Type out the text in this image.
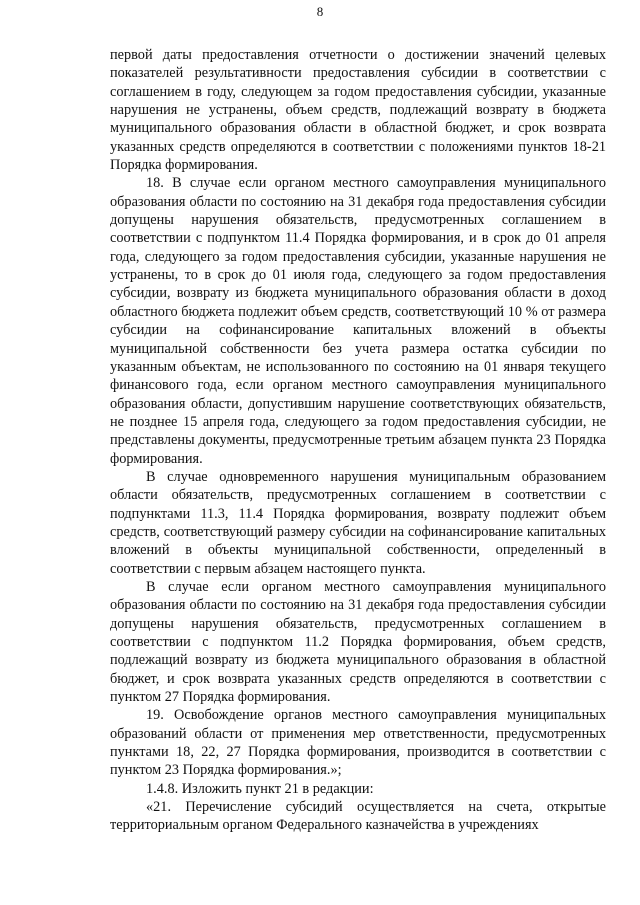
8

первой даты предоставления отчетности о достижении значений целевых показателей результативности предоставления субсидии в соответствии с соглашением в году, следующем за годом предоставления субсидии, указанные нарушения не устранены, объем средств, подлежащий возврату в бюджета муниципального образования области в областной бюджет, и срок возврата указанных средств определяются в соответствии с положениями пунктов 18-21 Порядка формирования.

18. В случае если органом местного самоуправления муниципального образования области по состоянию на 31 декабря года предоставления субсидии допущены нарушения обязательств, предусмотренных соглашением в соответствии с подпунктом 11.4 Порядка формирования, и в срок до 01 апреля года, следующего за годом предоставления субсидии, указанные нарушения не устранены, то в срок до 01 июля года, следующего за годом предоставления субсидии, возврату из бюджета муниципального образования области в доход областного бюджета подлежит объем средств, соответствующий 10 % от размера субсидии на софинансирование капитальных вложений в объекты муниципальной собственности без учета размера остатка субсидии по указанным объектам, не использованного по состоянию на 01 января текущего финансового года, если органом местного самоуправления муниципального образования области, допустившим нарушение соответствующих обязательств, не позднее 15 апреля года, следующего за годом предоставления субсидии, не представлены документы, предусмотренные третьим абзацем пункта 23 Порядка формирования.

В случае одновременного нарушения муниципальным образованием области обязательств, предусмотренных соглашением в соответствии с подпунктами 11.3, 11.4 Порядка формирования, возврату подлежит объем средств, соответствующий размеру субсидии на софинансирование капитальных вложений в объекты муниципальной собственности, определенный в соответствии с первым абзацем настоящего пункта.

В случае если органом местного самоуправления муниципального образования области по состоянию на 31 декабря года предоставления субсидии допущены нарушения обязательств, предусмотренных соглашением в соответствии с подпунктом 11.2 Порядка формирования, объем средств, подлежащий возврату из бюджета муниципального образования в областной бюджет, и срок возврата указанных средств определяются в соответствии с пунктом 27 Порядка формирования.

19. Освобождение органов местного самоуправления муниципальных образований области от применения мер ответственности, предусмотренных пунктами 18, 22, 27 Порядка формирования, производится в соответствии с пунктом 23 Порядка формирования.»;

1.4.8. Изложить пункт 21 в редакции:

«21. Перечисление субсидий осуществляется на счета, открытые территориальным органом Федерального казначейства в учреждениях
